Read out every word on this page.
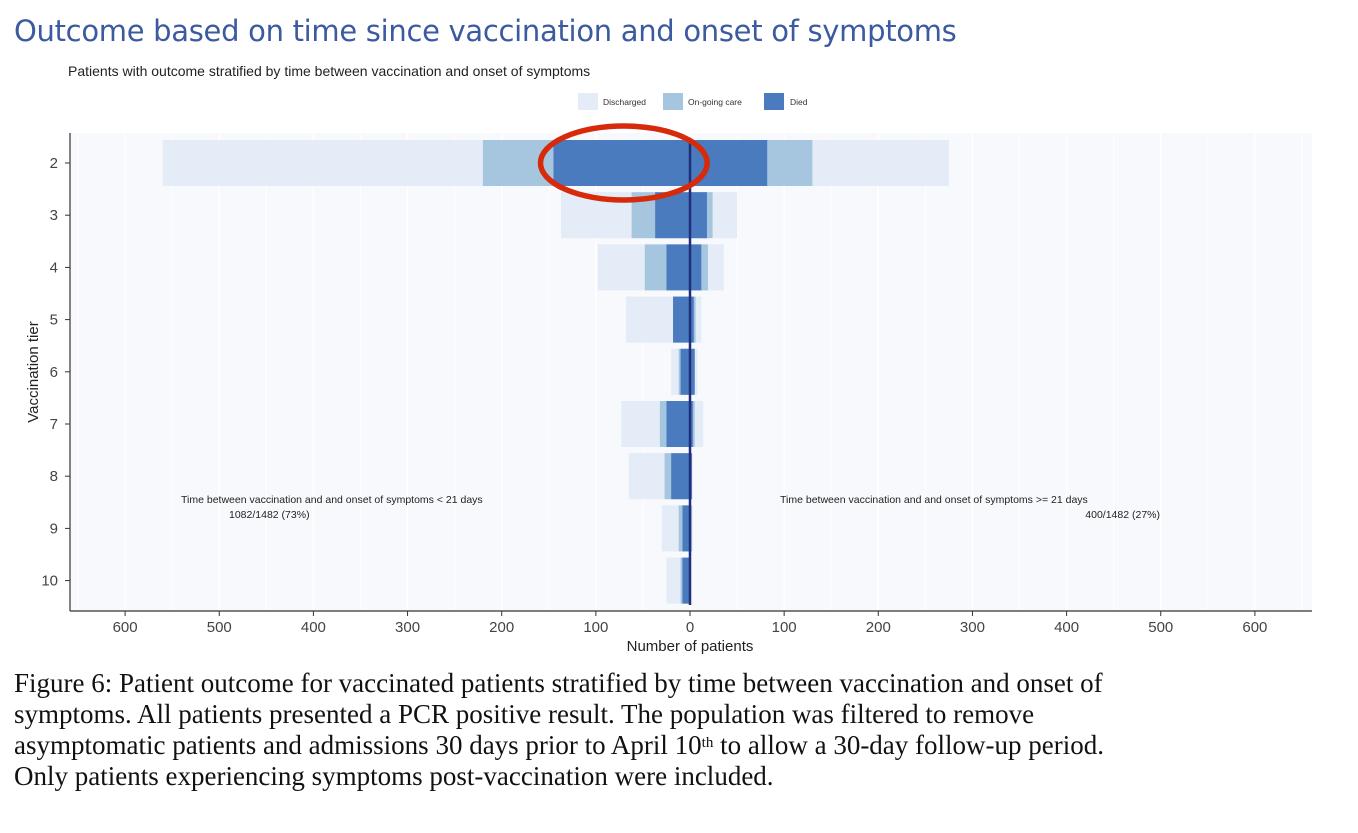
Outcome based on time since vaccination and onset of symptoms
Patients with outcome stratified by time between vaccination and onset of symptoms
Discharged	On-going care	Died
2
3
4
5
6
7
8
9
10
600	500	400	300	200	100	0	100	200	300	400	500	600
Number of patients
Vaccination tier
Time between vaccination and and onset of symptoms < 21 days
1082/1482 (73%)
Time between vaccination and and onset of symptoms >= 21 days
400/1482 (27%)

Figure 6: Patient outcome for vaccinated patients stratified by time between vaccination and onset of

symptoms. All patients presented a PCR positive result. The population was filtered to remove

asymptomatic patients and admissions 30 days prior to April 10th to allow a 30-day follow-up period.

Only patients experiencing symptoms post-vaccination were included.
